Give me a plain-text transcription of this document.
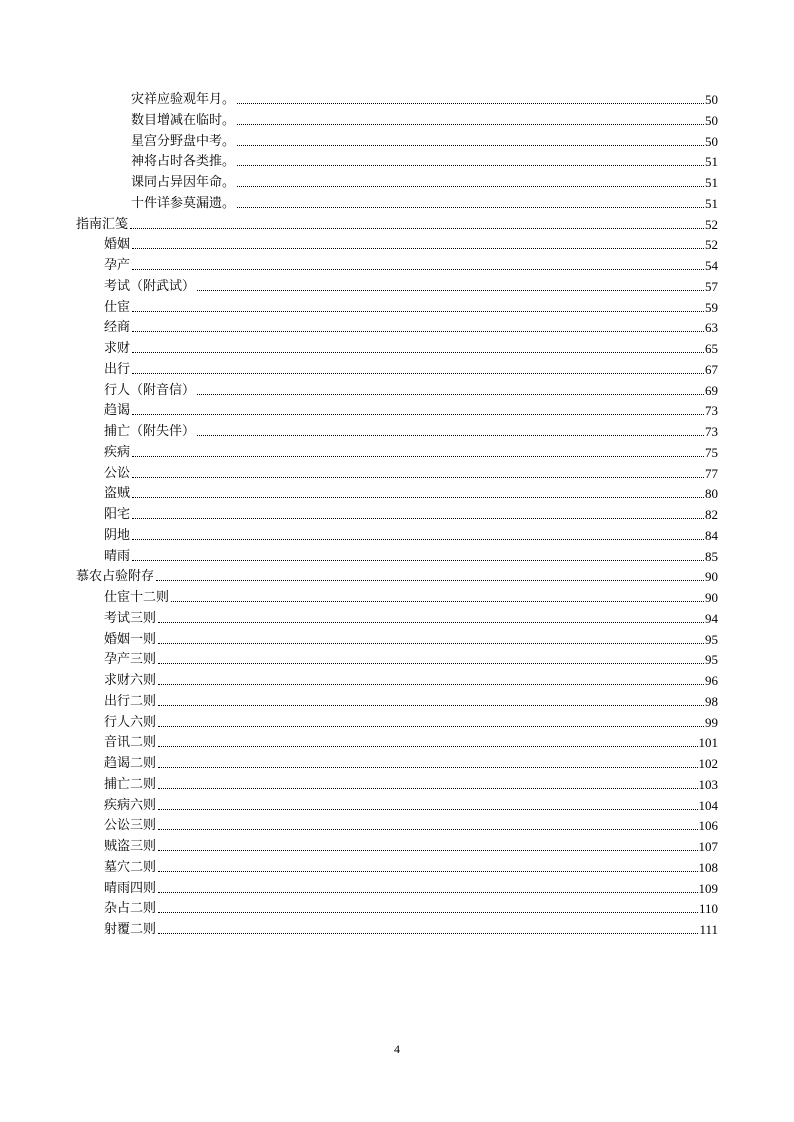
灾祥应验观年月。	50
数目增减在临时。	50
星宫分野盘中考。	50
神将占时各类推。	51
课同占异因年命。	51
十件详参莫漏遗。	51
指南汇笺	52
婚姻	52
孕产	54
考试（附武试）	57
仕宦	59
经商	63
求财	65
出行	67
行人（附音信）	69
趋谒	73
捕亡（附失伴）	73
疾病	75
公讼	77
盗贼	80
阳宅	82
阴地	84
晴雨	85
慕农占验附存	90
仕宦十二则	90
考试三则	94
婚姻一则	95
孕产三则	95
求财六则	96
出行二则	98
行人六则	99
音讯二则	101
趋谒二则	102
捕亡二则	103
疾病六则	104
公讼三则	106
贼盗三则	107
墓穴二则	108
晴雨四则	109
杂占二则	110
射覆二则	111
4
